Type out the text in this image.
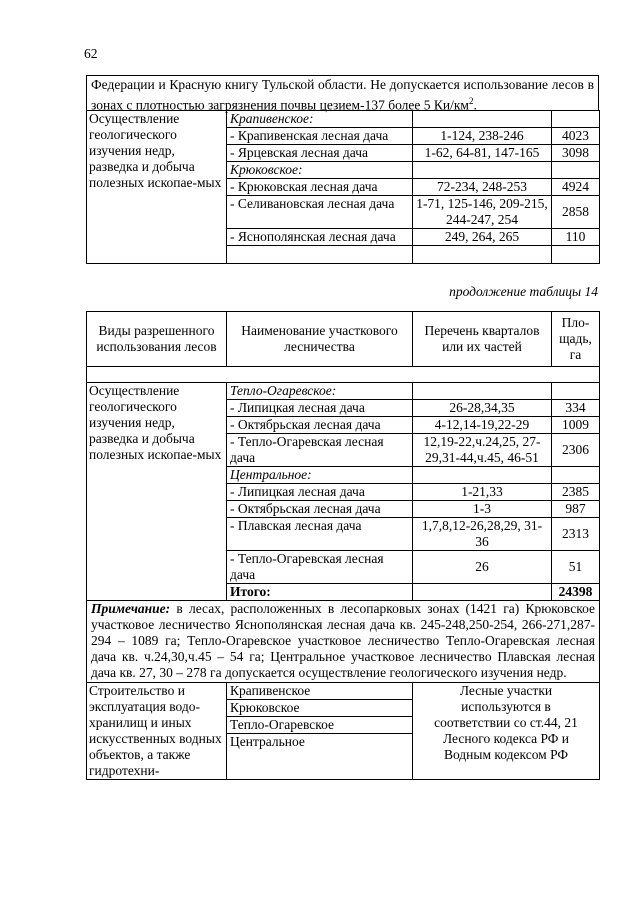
62
Федерации и Красную книгу Тульской области. Не допускается использование лесов в зонах с плотностью загрязнения почвы цезием-137 более 5 $Ки/км^2$.
Осуществление геологического изучения недр, разведка и добыча полезных ископае-мых	Крапивенское:		
	- Крапивенская лесная дача	1-124, 238-246	4023
	- Ярцевская лесная дача	1-62, 64-81, 147-165	3098
	Крюковское:		
	- Крюковская лесная дача	72-234, 248-253	4924
	- Селивановская лесная дача	1-71, 125-146, 209-215, 244-247, 254	2858
	- Яснополянская лесная дача	249, 264, 265	110

продолжение таблицы 14
Виды разрешенного использования лесов	Наименование участкового лесничества	Перечень кварталов или их частей	Пло-щадь, га

Осуществление геологического изучения недр, разведка и добыча полезных ископае-мых	Тепло-Огаревское:		
	- Липицкая лесная дача	26-28,34,35	334
	- Октябрьская лесная дача	4-12,14-19,22-29	1009
	- Тепло-Огаревская лесная дача	12,19-22,ч.24,25, 27-29,31-44,ч.45, 46-51	2306
	Центральное:		
	- Липицкая лесная дача	1-21,33	2385
	- Октябрьская лесная дача	1-3	987
	- Плавская лесная дача	1,7,8,12-26,28,29, 31-36	2313
	- Тепло-Огаревская лесная дача	26	51
	Итого:		24398
Примечание: в лесах, расположенных в лесопарковых зонах (1421 га) Крюковское участковое лесничество Яснополянская лесная дача кв. 245-248,250-254, 266-271,287-294 – 1089 га; Тепло-Огаревское участковое лесничество Тепло-Огаревская лесная дача кв. ч.24,30,ч.45 – 54 га; Центральное участковое лесничество Плавская лесная дача кв. 27, 30 – 278 га допускается осуществление геологического изучения недр.			
Строительство и эксплуатация водо-хранилищ и иных искусственных водных объектов, а также гидротехни-	Крапивенское
Крюковское
Тепло-Огаревское
Центральное	Лесные участки используются в соответствии со ст.44, 21 Лесного кодекса РФ и Водным кодексом РФ	
